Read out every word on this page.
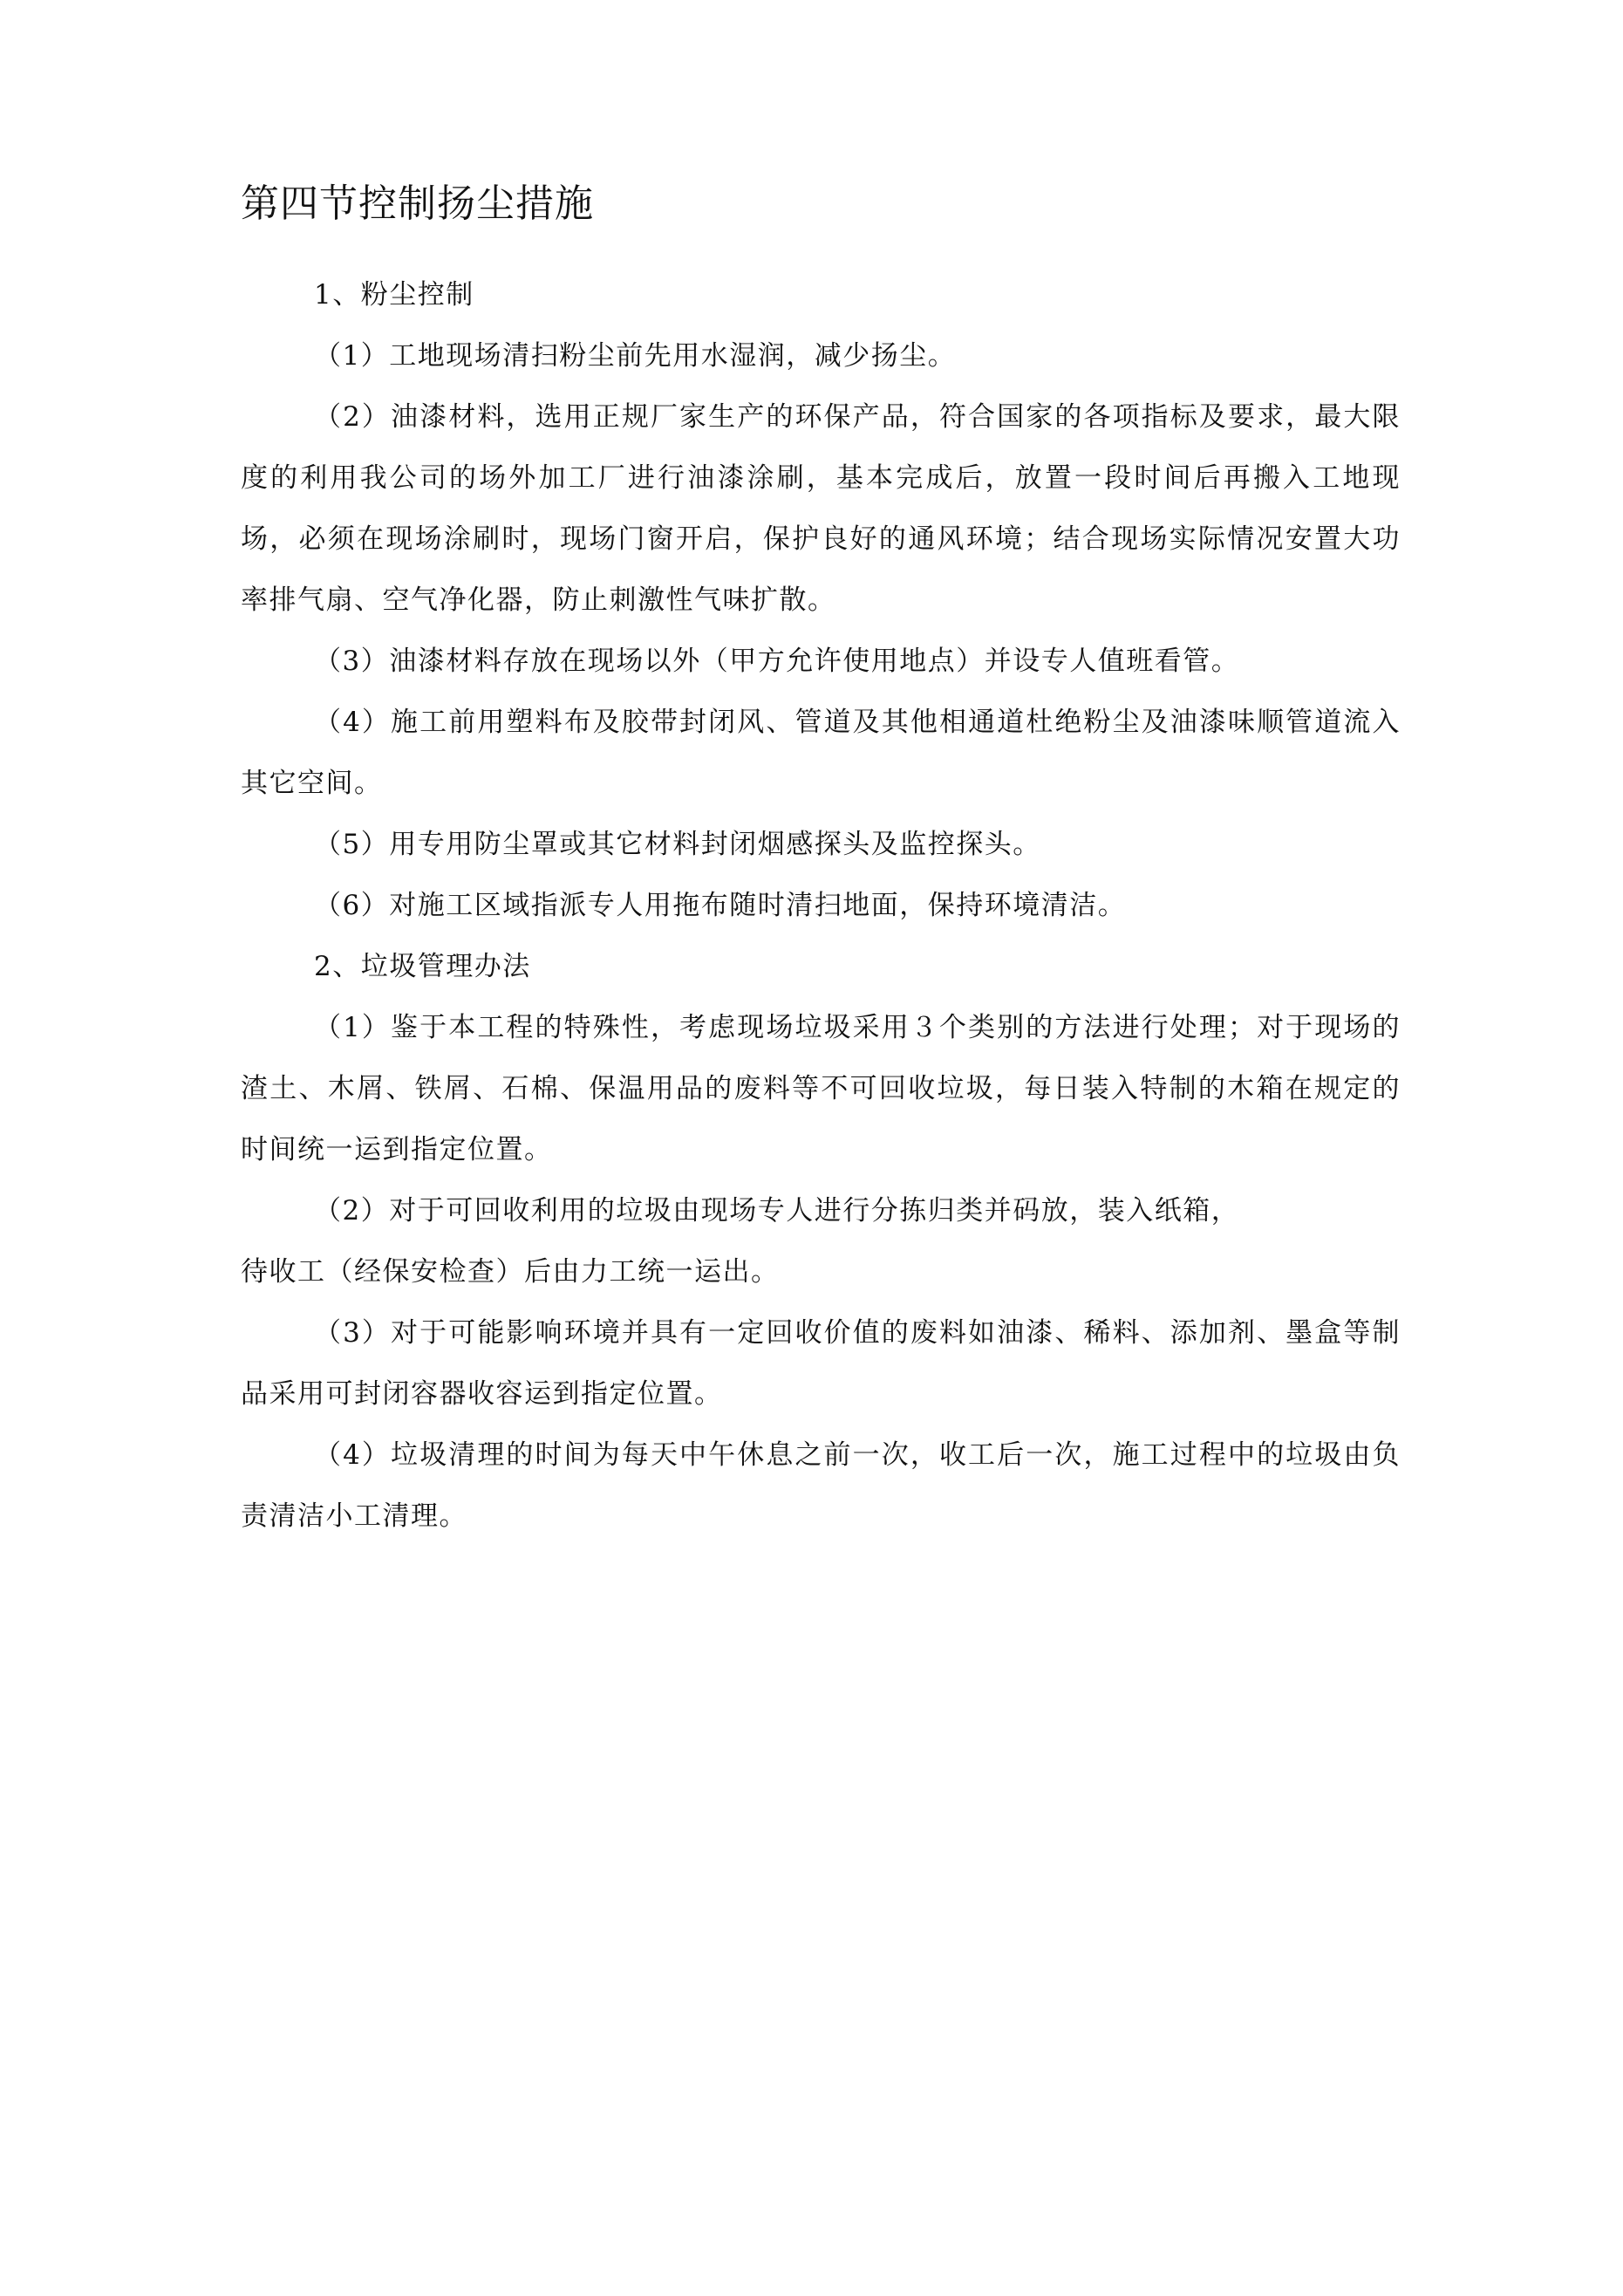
第四节控制扬尘措施

1、粉尘控制

（1）工地现场清扫粉尘前先用水湿润，减少扬尘。

（2）油漆材料，选用正规厂家生产的环保产品，符合国家的各项指标及要求，最大限度的利用我公司的场外加工厂进行油漆涂刷，基本完成后，放置一段时间后再搬入工地现场，必须在现场涂刷时，现场门窗开启，保护良好的通风环境；结合现场实际情况安置大功率排气扇、空气净化器，防止刺激性气味扩散。

（3）油漆材料存放在现场以外（甲方允许使用地点）并设专人值班看管。

（4）施工前用塑料布及胶带封闭风、管道及其他相通道杜绝粉尘及油漆味顺管道流入其它空间。

（5）用专用防尘罩或其它材料封闭烟感探头及监控探头。

（6）对施工区域指派专人用拖布随时清扫地面，保持环境清洁。

2、垃圾管理办法

（1）鉴于本工程的特殊性，考虑现场垃圾采用３个类别的方法进行处理；对于现场的渣土、木屑、铁屑、石棉、保温用品的废料等不可回收垃圾，每日装入特制的木箱在规定的时间统一运到指定位置。

（2）对于可回收利用的垃圾由现场专人进行分拣归类并码放，装入纸箱，

待收工（经保安检查）后由力工统一运出。

（3）对于可能影响环境并具有一定回收价值的废料如油漆、稀料、添加剂、墨盒等制品采用可封闭容器收容运到指定位置。

（4）垃圾清理的时间为每天中午休息之前一次，收工后一次，施工过程中的垃圾由负责清洁小工清理。
